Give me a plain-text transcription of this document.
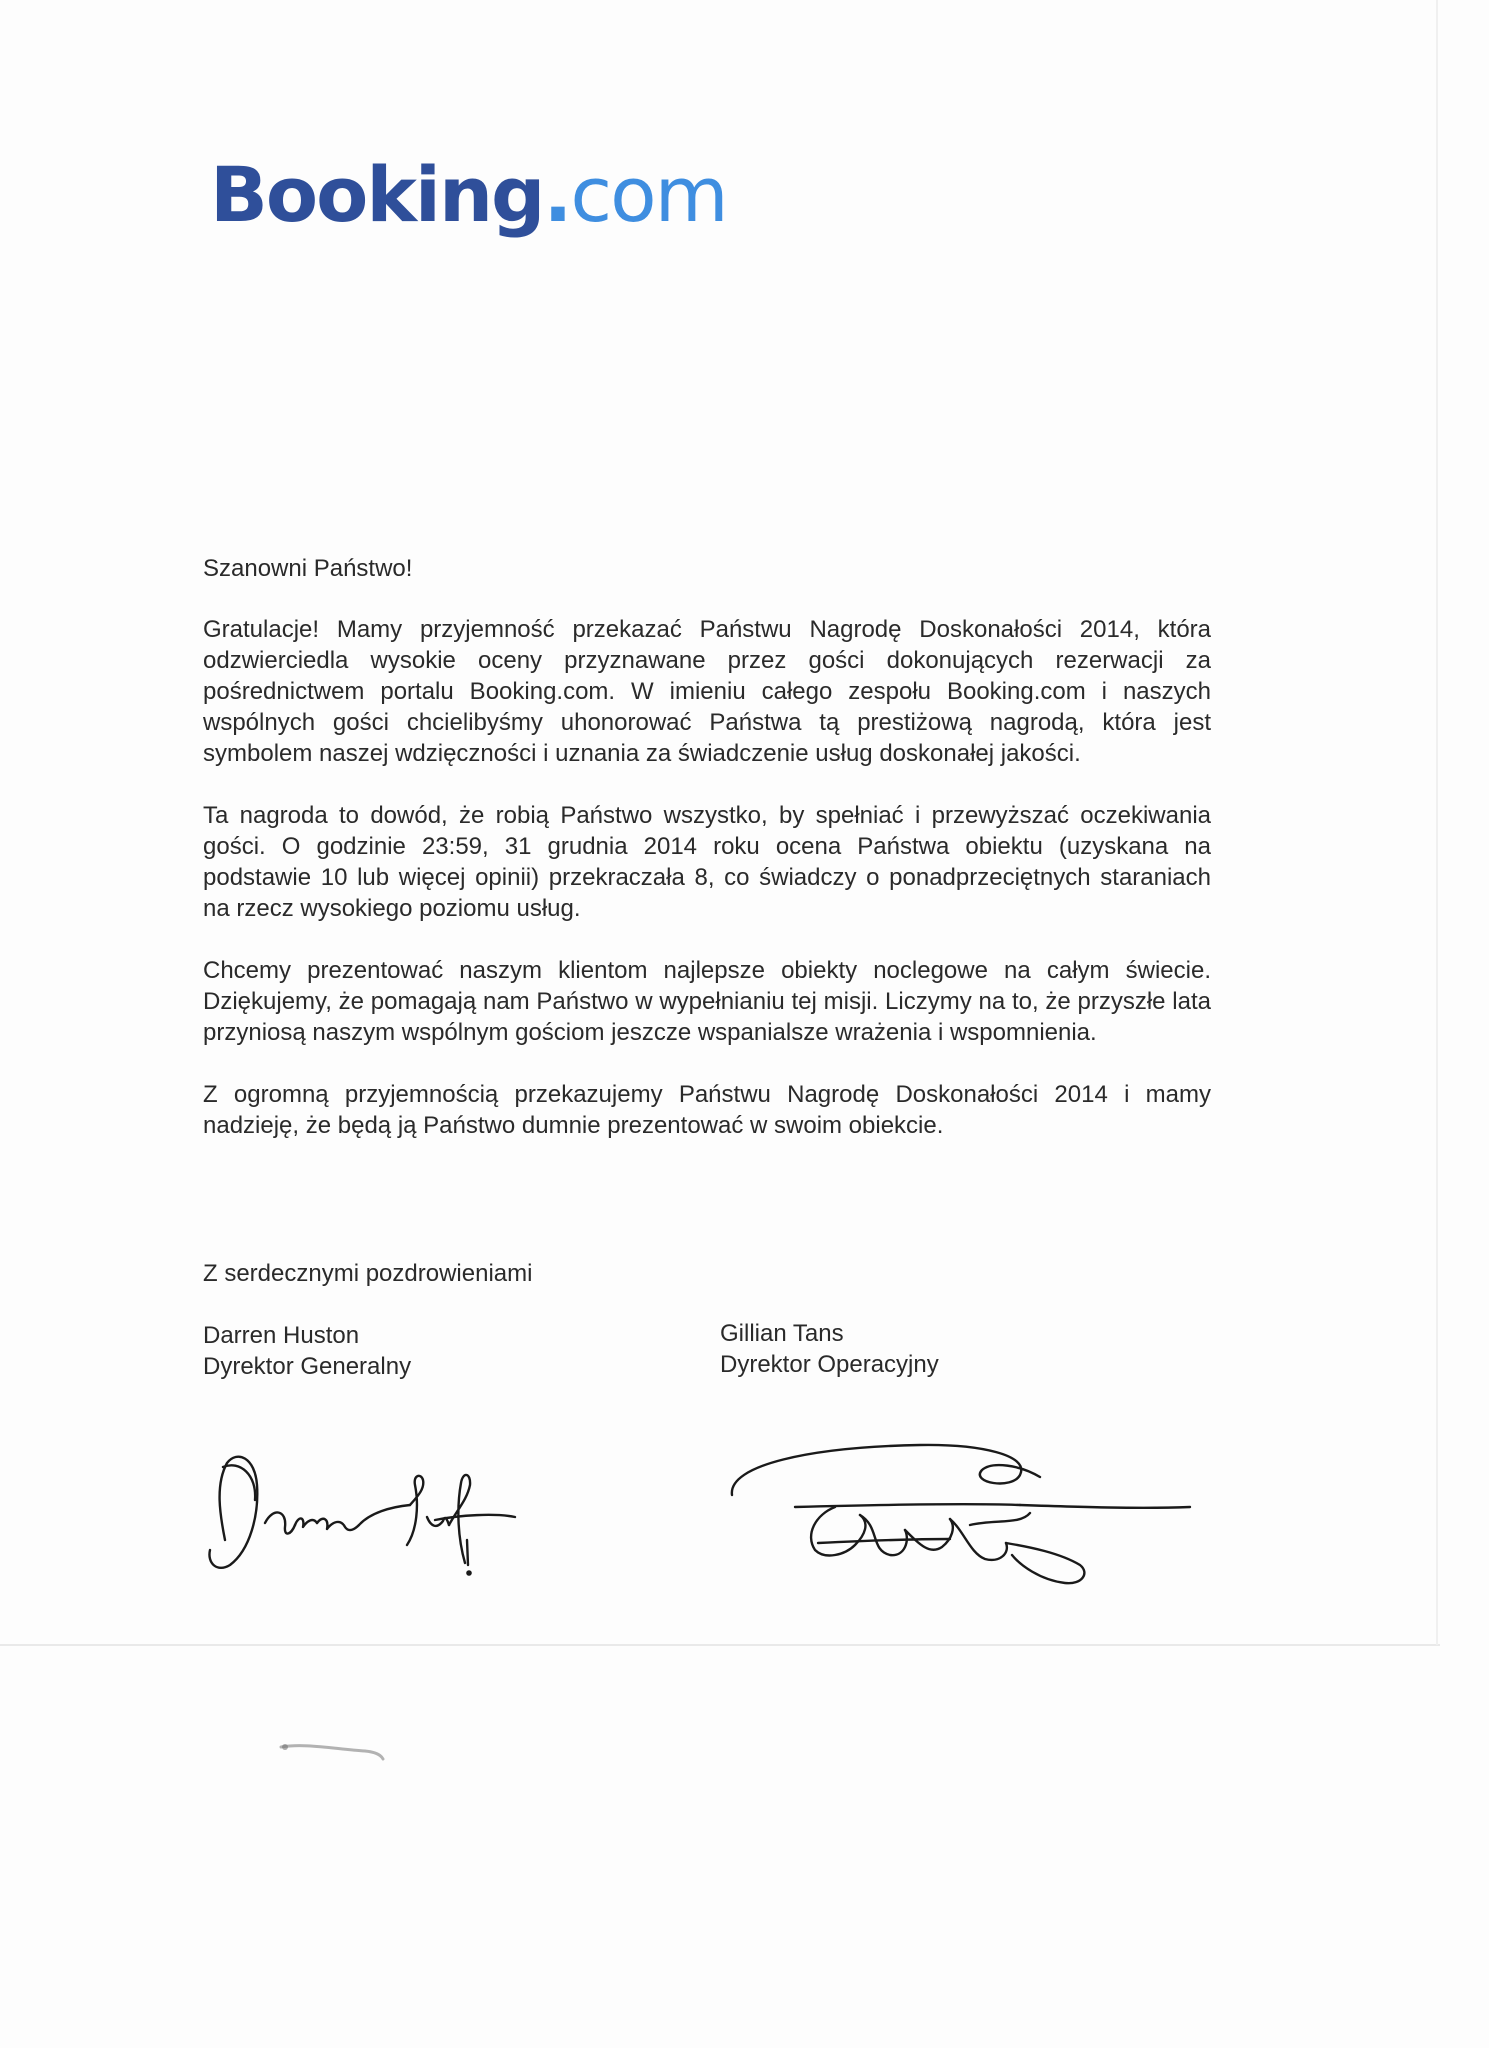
Booking.com

Szanowni Państwo!

Gratulacje! Mamy przyjemność przekazać Państwu Nagrodę Doskonałości 2014, która odzwierciedla wysokie oceny przyznawane przez gości dokonujących rezerwacji za pośrednictwem portalu Booking.com. W imieniu całego zespołu Booking.com i naszych wspólnych gości chcielibyśmy uhonorować Państwa tą prestiżową nagrodą, która jest symbolem naszej wdzięczności i uznania za świadczenie usług doskonałej jakości.

Ta nagroda to dowód, że robią Państwo wszystko, by spełniać i przewyższać oczekiwania gości. O godzinie 23:59, 31 grudnia 2014 roku ocena Państwa obiektu (uzyskana na podstawie 10 lub więcej opinii) przekraczała 8, co świadczy o ponadprzeciętnych staraniach na rzecz wysokiego poziomu usług.

Chcemy prezentować naszym klientom najlepsze obiekty noclegowe na całym świecie. Dziękujemy, że pomagają nam Państwo w wypełnianiu tej misji. Liczymy na to, że przyszłe lata przyniosą naszym wspólnym gościom jeszcze wspanialsze wrażenia i wspomnienia.

Z ogromną przyjemnością przekazujemy Państwu Nagrodę Doskonałości 2014 i mamy nadzieję, że będą ją Państwo dumnie prezentować w swoim obiekcie.

Z serdecznymi pozdrowieniami
Darren Huston
Dyrektor Generalny
Gillian Tans
Dyrektor Operacyjny
